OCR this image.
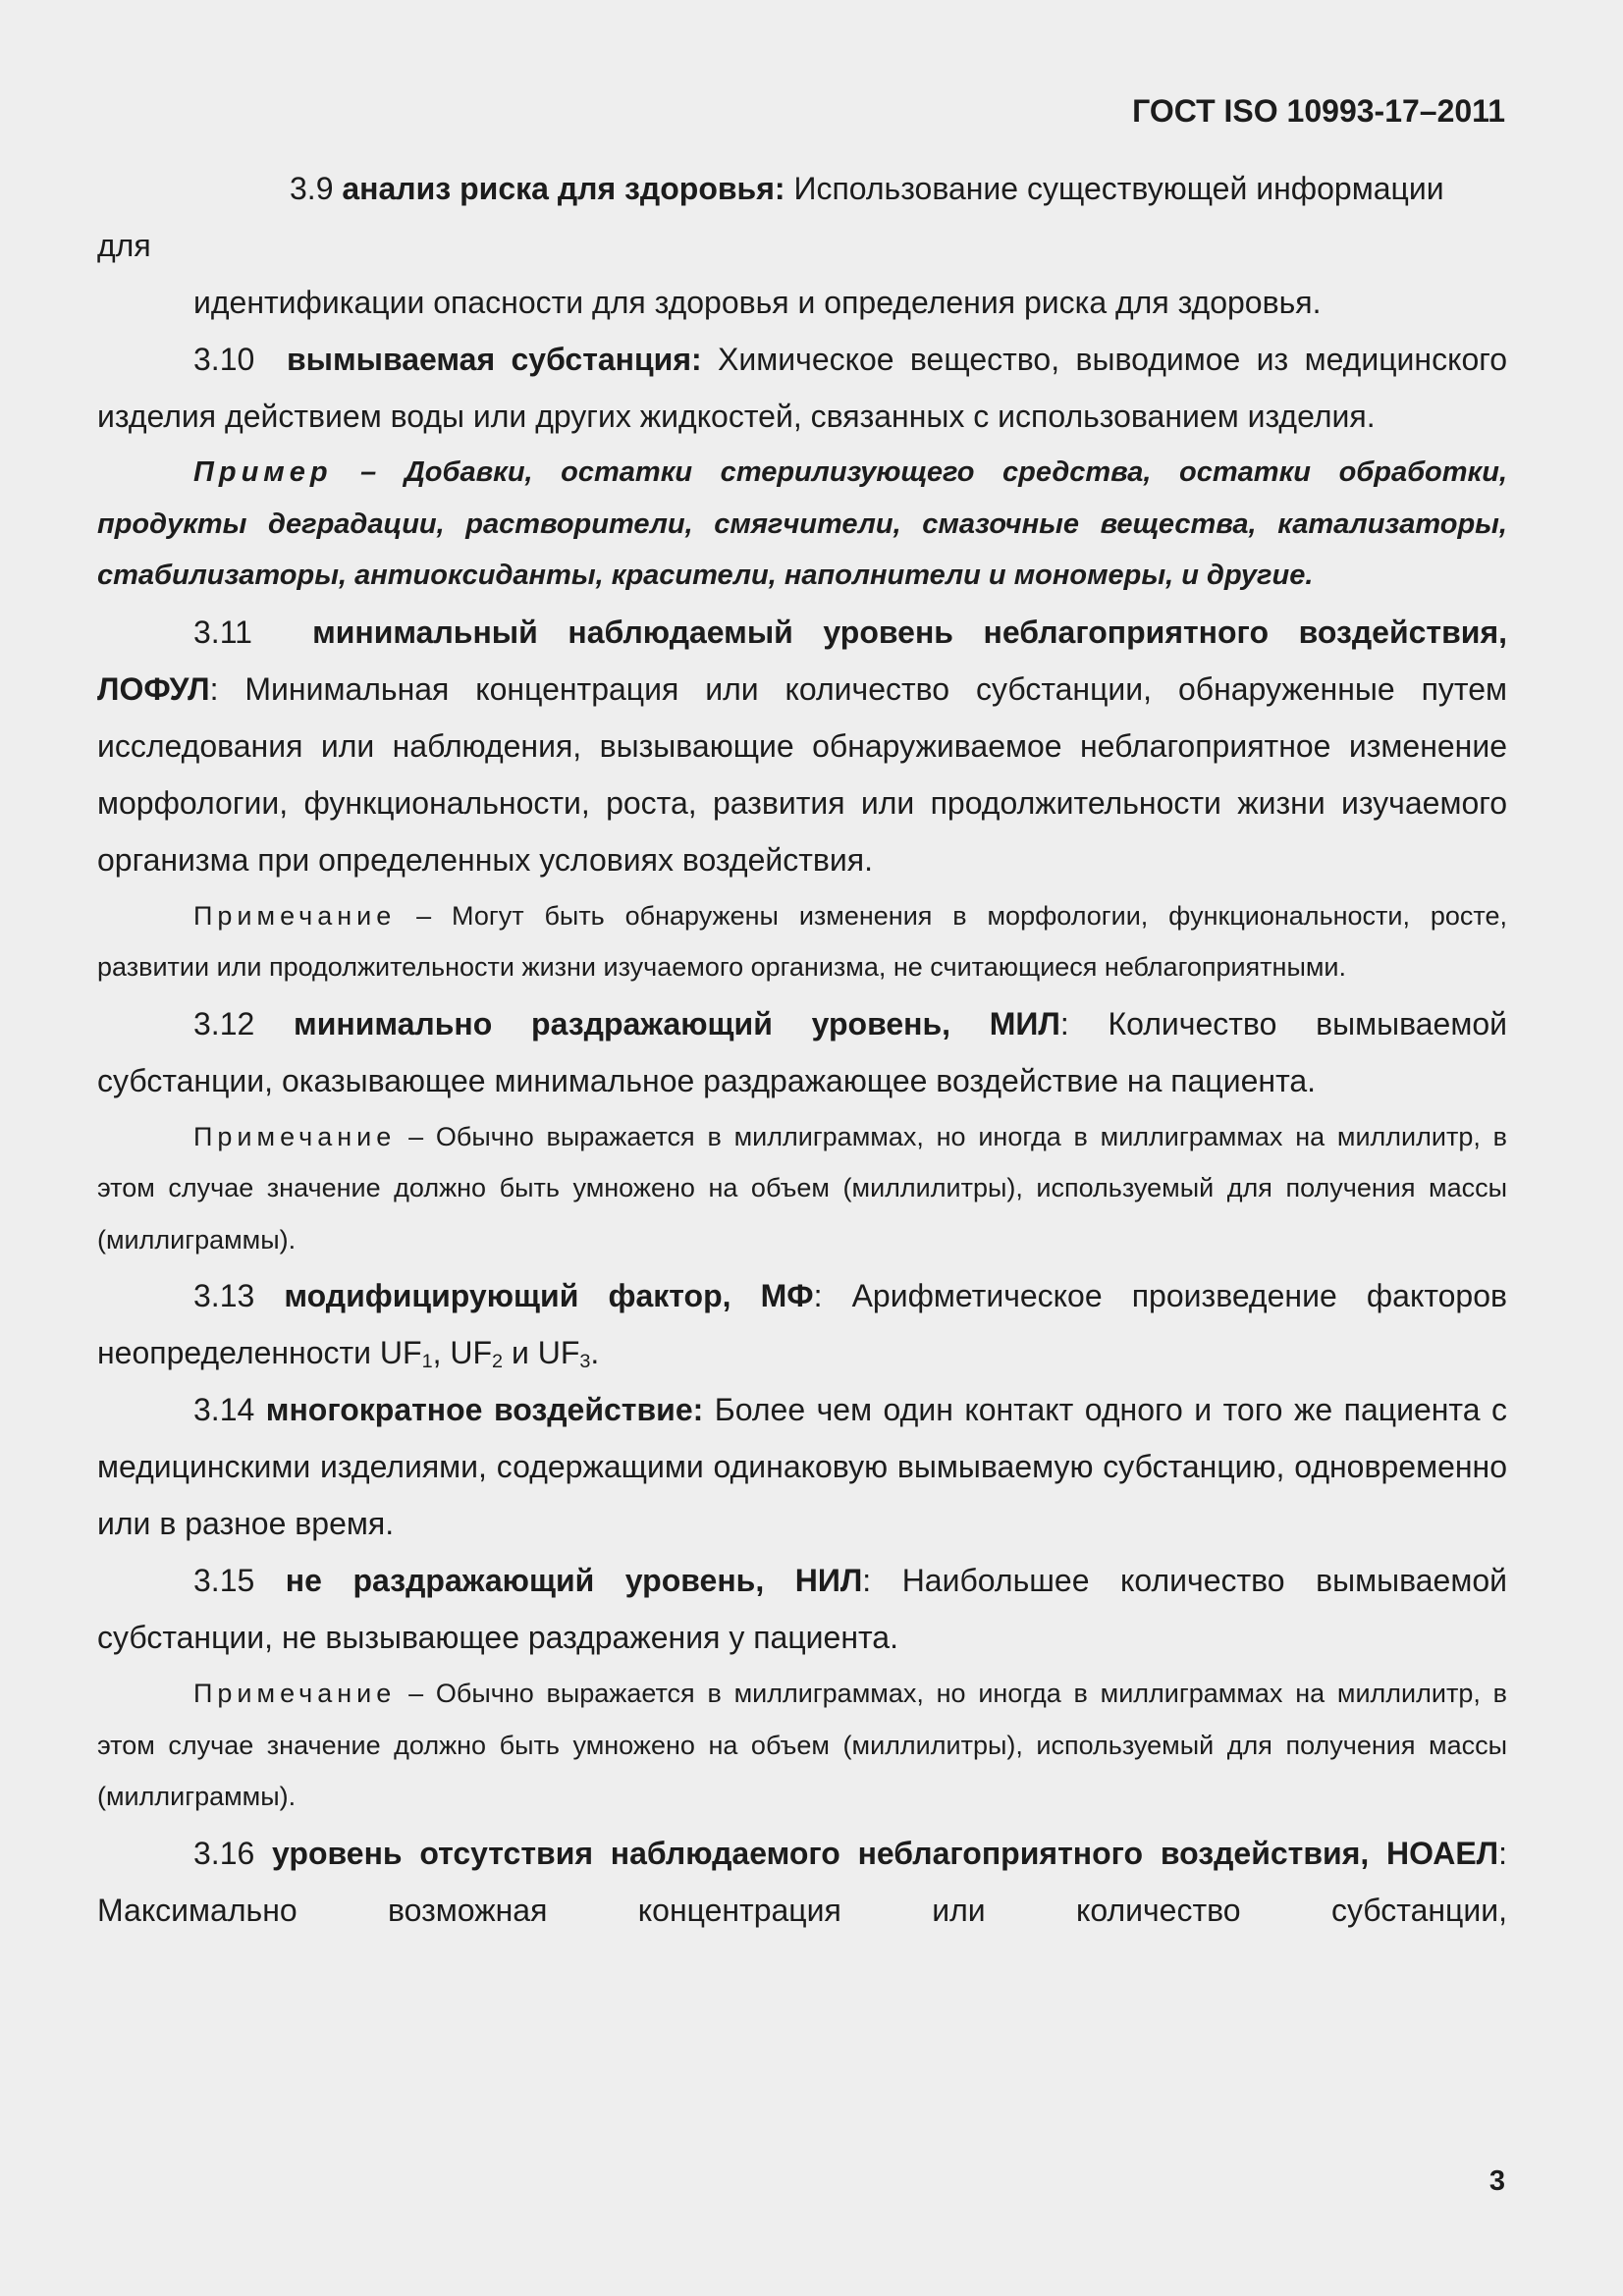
ГОСТ ISO 10993-17–2011

3.9 анализ риска для здоровья: Использование существующей информации

для

идентификации опасности для здоровья и определения риска для здоровья.

3.10 вымываемая субстанция: Химическое вещество, выводимое из медицинского изделия действием воды или других жидкостей, связанных с использованием изделия.

Пример – Добавки, остатки стерилизующего средства, остатки обработки, продукты деградации, растворители, смягчители, смазочные вещества, катализаторы, стабилизаторы, антиоксиданты, красители, наполнители и мономеры, и другие.

3.11 минимальный наблюдаемый уровень неблагоприятного воздействия, ЛОФУЛ: Минимальная концентрация или количество субстанции, обнаруженные путем исследования или наблюдения, вызывающие обнаруживаемое неблагоприятное изменение морфологии, функциональности, роста, развития или продолжительности жизни изучаемого организма при определенных условиях воздействия.

Примечание – Могут быть обнаружены изменения в морфологии, функциональности, росте, развитии или продолжительности жизни изучаемого организма, не считающиеся неблагоприятными.

3.12 минимально раздражающий уровень, МИЛ: Количество вымываемой субстанции, оказывающее минимальное раздражающее воздействие на пациента.

Примечание – Обычно выражается в миллиграммах, но иногда в миллиграммах на миллилитр, в этом случае значение должно быть умножено на объем (миллилитры), используемый для получения массы (миллиграммы).

3.13 модифицирующий фактор, МФ: Арифметическое произведение факторов неопределенности $UF_1$, $UF_2$ и $UF_3$.

3.14 многократное воздействие: Более чем один контакт одного и того же пациента с медицинскими изделиями, содержащими одинаковую вымываемую субстанцию, одновременно или в разное время.

3.15 не раздражающий уровень, НИЛ: Наибольшее количество вымываемой субстанции, не вызывающее раздражения у пациента.

Примечание – Обычно выражается в миллиграммах, но иногда в миллиграммах на миллилитр, в этом случае значение должно быть умножено на объем (миллилитры), используемый для получения массы (миллиграммы).

3.16 уровень отсутствия наблюдаемого неблагоприятного воздействия, НОАЕЛ: Максимально возможная концентрация или количество субстанции,

3
